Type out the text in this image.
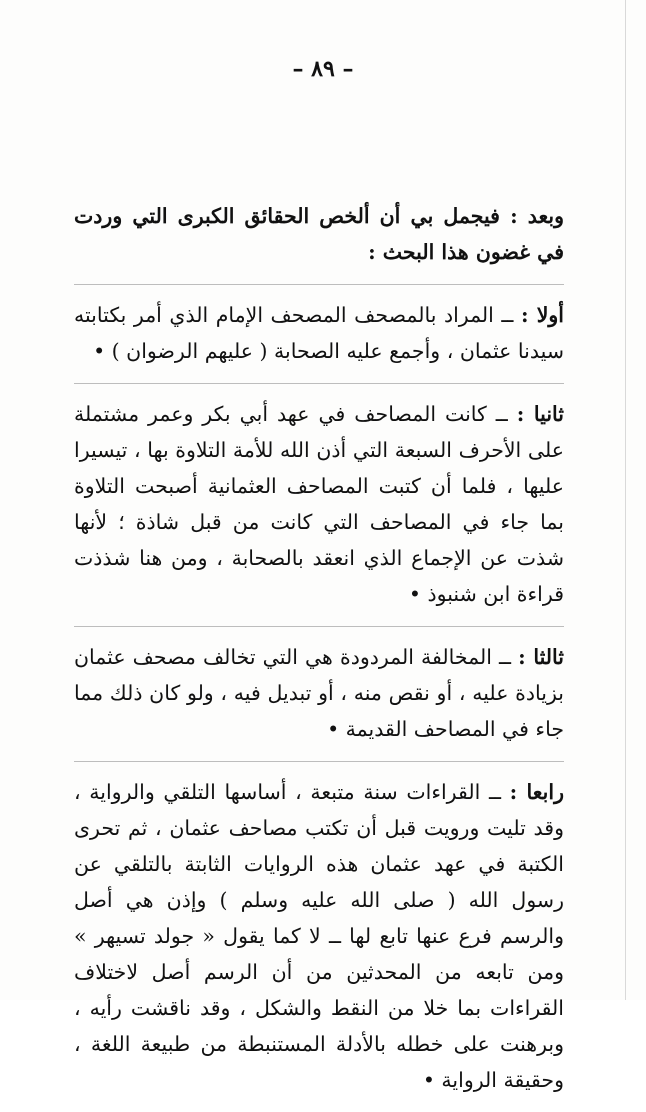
– ٨٩ –

وبعد : فيجمل بي أن ألخص الحقائق الكبرى التي وردت في غضون هذا البحث :

أولا : ــ المراد بالمصحف المصحف الإمام الذي أمر بكتابته سيدنا عثمان ، وأجمع عليه الصحابة ( عليهم الرضوان ) •

ثانيا : ــ كانت المصاحف في عهد أبي بكر وعمر مشتملة على الأحرف السبعة التي أذن الله للأمة التلاوة بها ، تيسيرا عليها ، فلما أن كتبت المصاحف العثمانية أصبحت التلاوة بما جاء في المصاحف التي كانت من قبل شاذة ؛ لأنها شذت عن الإجماع الذي انعقد بالصحابة ، ومن هنا شذذت قراءة ابن شنبوذ •

ثالثا : ــ المخالفة المردودة هي التي تخالف مصحف عثمان بزيادة عليه ، أو نقص منه ، أو تبديل فيه ، ولو كان ذلك مما جاء في المصاحف القديمة •

رابعا : ــ القراءات سنة متبعة ، أساسها التلقي والرواية ، وقد تليت ورويت قبل أن تكتب مصاحف عثمان ، ثم تحرى الكتبة في عهد عثمان هذه الروايات الثابتة بالتلقي عن رسول الله ( صلى الله عليه وسلم ) وإذن هي أصل والرسم فرع عنها تابع لها ــ لا كما يقول « جولد تسيهر » ومن تابعه من المحدثين من أن الرسم أصل لاختلاف القراءات بما خلا من النقط والشكل ، وقد ناقشت رأيه ، وبرهنت على خطله بالأدلة المستنبطة من طبيعة اللغة ، وحقيقة الرواية •
